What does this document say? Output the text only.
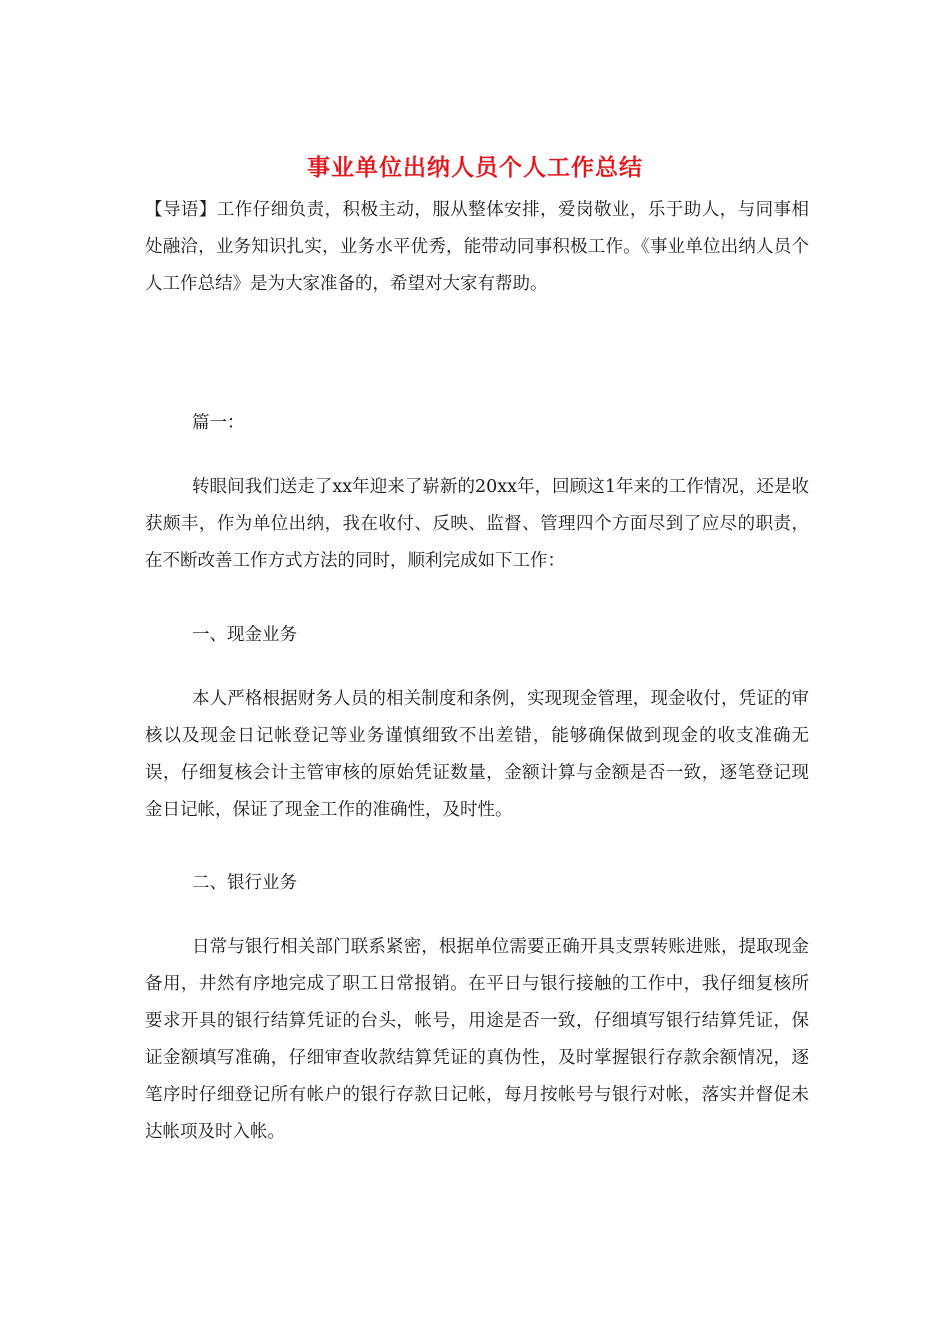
事业单位出纳人员个人工作总结

【导语】工作仔细负责，积极主动，服从整体安排，爱岗敬业，乐于助人，与同事相处融洽，业务知识扎实，业务水平优秀，能带动同事积极工作。《事业单位出纳人员个人工作总结》是为大家准备的，希望对大家有帮助。

篇一：

转眼间我们送走了xx年迎来了崭新的20xx年，回顾这1年来的工作情况，还是收获颇丰，作为单位出纳，我在收付、反映、监督、管理四个方面尽到了应尽的职责，在不断改善工作方式方法的同时，顺利完成如下工作：

一、现金业务

本人严格根据财务人员的相关制度和条例，实现现金管理，现金收付，凭证的审核以及现金日记帐登记等业务谨慎细致不出差错，能够确保做到现金的收支准确无误，仔细复核会计主管审核的原始凭证数量，金额计算与金额是否一致，逐笔登记现金日记帐，保证了现金工作的准确性，及时性。

二、银行业务

日常与银行相关部门联系紧密，根据单位需要正确开具支票转账进账，提取现金备用，井然有序地完成了职工日常报销。在平日与银行接触的工作中，我仔细复核所要求开具的银行结算凭证的台头，帐号，用途是否一致，仔细填写银行结算凭证，保证金额填写准确，仔细审查收款结算凭证的真伪性，及时掌握银行存款余额情况，逐笔序时仔细登记所有帐户的银行存款日记帐，每月按帐号与银行对帐，落实并督促未达帐项及时入帐。
